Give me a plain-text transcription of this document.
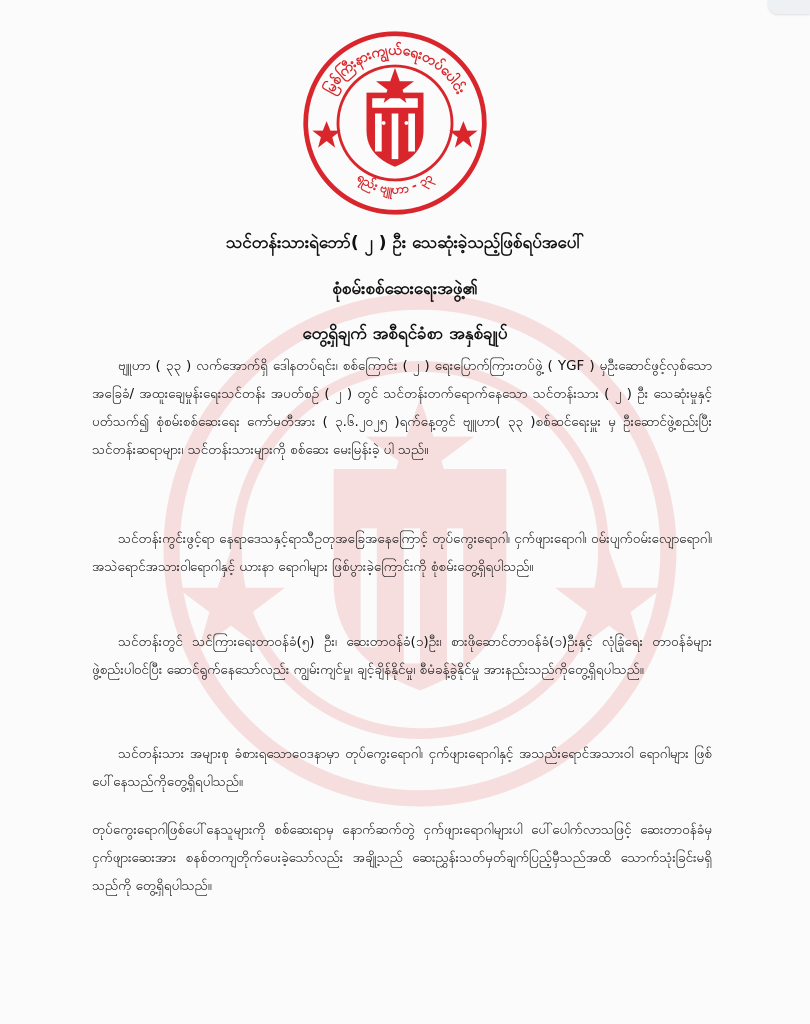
မြစ်ကြီးနားကျွယ်ရေးတပ်ပေါင်း
ရည်း ဗျူဟာ - ၃၃
သင်တန်းသားရဲဘော်( ၂ ) ဦး သေဆုံးခဲ့သည့်ဖြစ်ရပ်အပေါ်
စုံစမ်းစစ်ဆေးရေးအဖွဲ့၏
တွေ့ရှိချက် အစီရင်ခံစာ အနှစ်ချုပ်

ဗျူဟာ ( ၃၃ ) လက်အောက်ရှိ ဒေါနတပ်ရင်း၊ စစ်ကြောင်း ( ၂ ) ရေးပြောက်ကြားတပ်ဖွဲ့ ( YGF ) မှဦးဆောင်ဖွင့်လှစ်သော အခြေခံ/ အထူးချေမှုန်းရေးသင်တန်း အပတ်စဉ် ( ၂ ) တွင် သင်တန်းတက်ရောက်နေသော သင်တန်းသား ( ၂ ) ဦး သေဆုံးမှုနှင့်ပတ်သက်၍ စုံစမ်းစစ်ဆေးရေး ကော်မတီအား ( ၃.၆.၂၀၂၅ )ရက်နေ့တွင် ဗျူဟာ( ၃၃ )စစ်ဆင်ရေးမှူး မှ ဦးဆောင်ဖွဲ့စည်းပြီး သင်တန်းဆရာများ၊ သင်တန်းသားများကို စစ်ဆေး မေးမြန်းခဲ့ ပါ သည်။

သင်တန်းကွင်းဖွင့်ရာ နေရာဒေသနှင့်ရာသီဥတုအခြေအနေကြောင့် တုပ်ကွေးရောဂါ၊ ငှက်ဖျားရောဂါ၊ ဝမ်းပျက်ဝမ်းလျောရောဂါ၊ အသဲရောင်အသားဝါရောဂါနှင့် ယားနာ ရောဂါများ ဖြစ်ပွားခဲ့ကြောင်းကို စုံစမ်းတွေ့ရှိရပါသည်။

သင်တန်းတွင် သင်ကြားရေးတာဝန်ခံ(၅) ဦး၊ ဆေးတာဝန်ခံ(၁)ဦး၊ စားဖိုဆောင်တာဝန်ခံ(၁)ဦးနှင့် လုံခြုံရေး တာဝန်ခံများဖွဲ့စည်းပါဝင်ပြီး ဆောင်ရွက်နေသော်လည်း ကျွမ်းကျင်မှု၊ ချင့်ချိန်နိုင်မှု၊ စီမံခန့်ခွဲနိုင်မှု အားနည်းသည်ကိုတွေ့ရှိရပါသည်။

သင်တန်းသား အများစု ခံစားရသောဝေဒနာမှာ တုပ်ကွေးရောဂါ၊ ငှက်ဖျားရောဂါနှင့် အသည်းရောင်အသားဝါ ရောဂါများ ဖြစ်ပေါ်နေသည်ကိုတွေ့ရှိရပါသည်။

တုပ်ကွေးရောဂါဖြစ်ပေါ်နေသူများကို စစ်ဆေးရာမှ နောက်ဆက်တွဲ ငှက်ဖျားရောဂါများပါ ပေါ်ပေါက်လာသဖြင့် ဆေးတာဝန်ခံမှ ငှက်ဖျားဆေးအား စနစ်တကျတိုက်ပေးခဲ့သော်လည်း အချို့သည် ဆေးညွှန်းသတ်မှတ်ချက်ပြည့်မှီသည်အထိ သောက်သုံးခြင်းမရှိသည်ကို တွေ့ရှိရပါသည်။
